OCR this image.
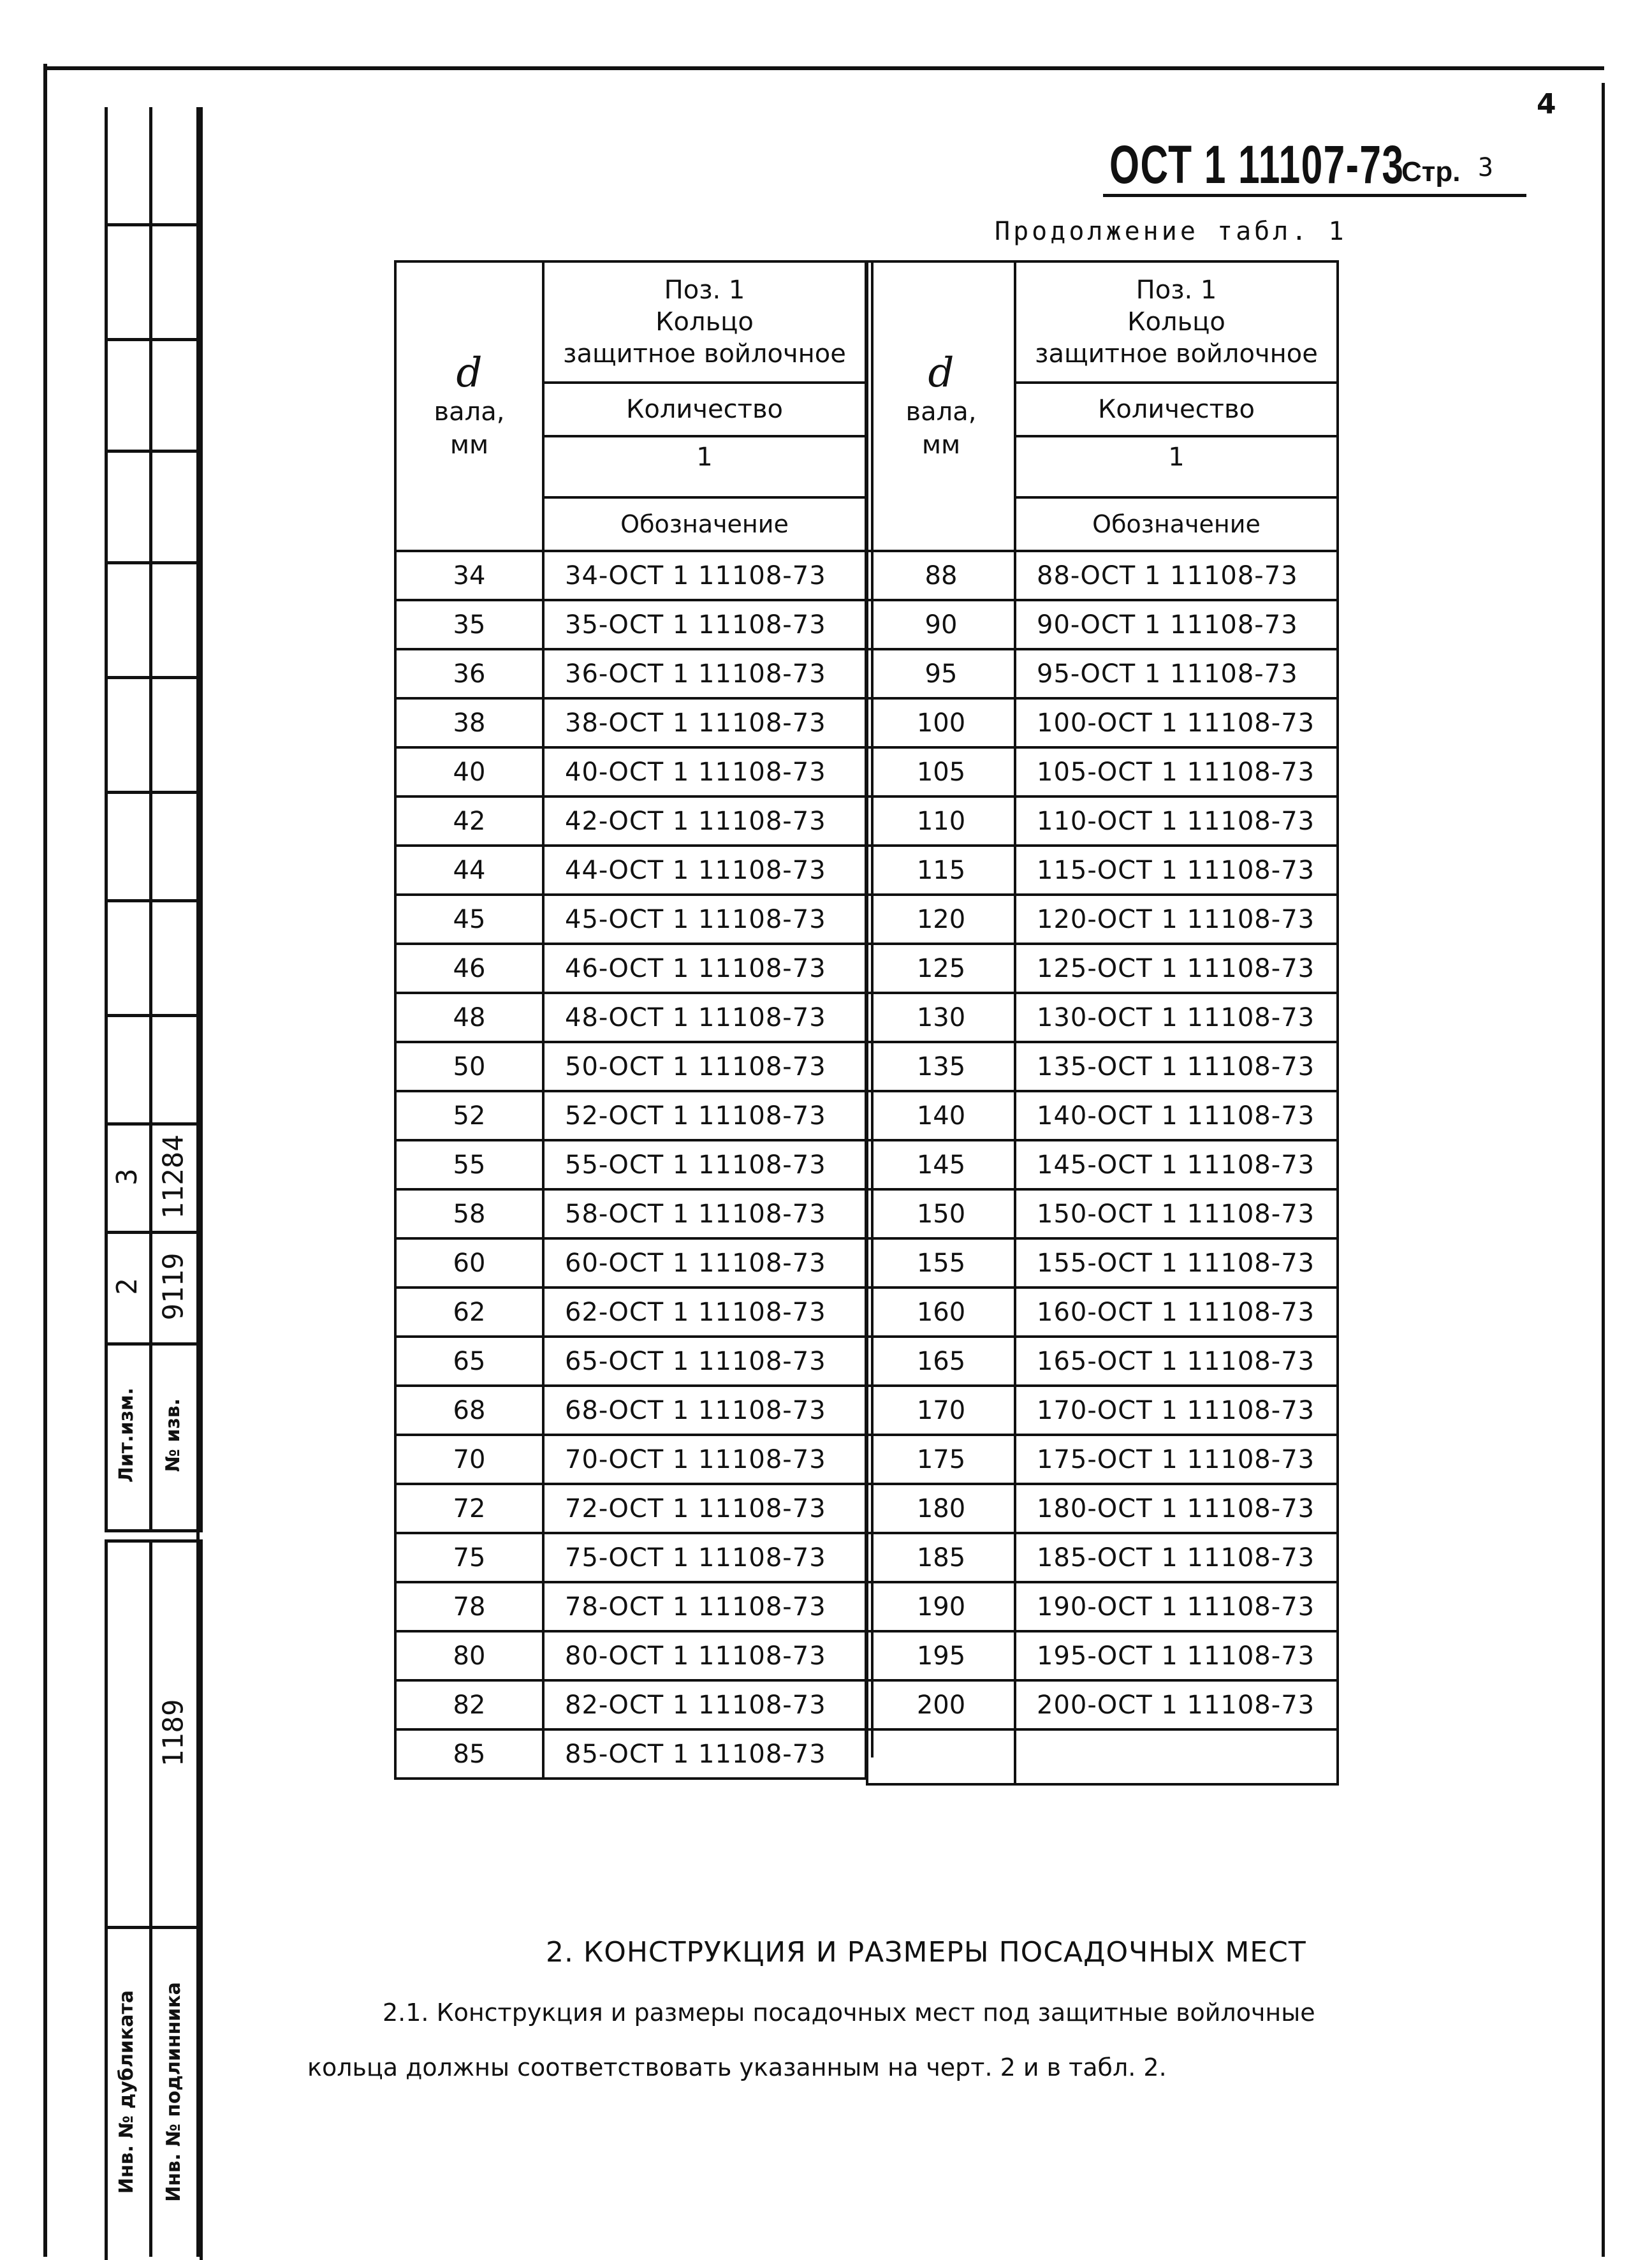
4
3 11284
2 9119
Лит.изм. № изв.
1189
Инв. № дубликата Инв. № подлинника
ОСТ 1 11107-73
Стр. 3
Продолжение табл. 1
d
вала,
мм	Поз. 1
Кольцо
защитное войлочное
	Количество
	1
	Обозначение
34	34-ОСТ 1 11108-73
35	35-ОСТ 1 11108-73
36	36-ОСТ 1 11108-73
38	38-ОСТ 1 11108-73
40	40-ОСТ 1 11108-73
42	42-ОСТ 1 11108-73
44	44-ОСТ 1 11108-73
45	45-ОСТ 1 11108-73
46	46-ОСТ 1 11108-73
48	48-ОСТ 1 11108-73
50	50-ОСТ 1 11108-73
52	52-ОСТ 1 11108-73
55	55-ОСТ 1 11108-73
58	58-ОСТ 1 11108-73
60	60-ОСТ 1 11108-73
62	62-ОСТ 1 11108-73
65	65-ОСТ 1 11108-73
68	68-ОСТ 1 11108-73
70	70-ОСТ 1 11108-73
72	72-ОСТ 1 11108-73
75	75-ОСТ 1 11108-73
78	78-ОСТ 1 11108-73
80	80-ОСТ 1 11108-73
82	82-ОСТ 1 11108-73
85	85-ОСТ 1 11108-73
d
вала,
мм	Поз. 1
Кольцо
защитное войлочное
	Количество
	1
	Обозначение
88	88-ОСТ 1 11108-73
90	90-ОСТ 1 11108-73
95	95-ОСТ 1 11108-73
100	100-ОСТ 1 11108-73
105	105-ОСТ 1 11108-73
110	110-ОСТ 1 11108-73
115	115-ОСТ 1 11108-73
120	120-ОСТ 1 11108-73
125	125-ОСТ 1 11108-73
130	130-ОСТ 1 11108-73
135	135-ОСТ 1 11108-73
140	140-ОСТ 1 11108-73
145	145-ОСТ 1 11108-73
150	150-ОСТ 1 11108-73
155	155-ОСТ 1 11108-73
160	160-ОСТ 1 11108-73
165	165-ОСТ 1 11108-73
170	170-ОСТ 1 11108-73
175	175-ОСТ 1 11108-73
180	180-ОСТ 1 11108-73
185	185-ОСТ 1 11108-73
190	190-ОСТ 1 11108-73
195	195-ОСТ 1 11108-73
200	200-ОСТ 1 11108-73

2. КОНСТРУКЦИЯ И РАЗМЕРЫ ПОСАДОЧНЫХ МЕСТ
2.1. Конструкция и размеры посадочных мест под защитные войлочные
кольца должны соответствовать указанным на черт. 2 и в табл. 2.
